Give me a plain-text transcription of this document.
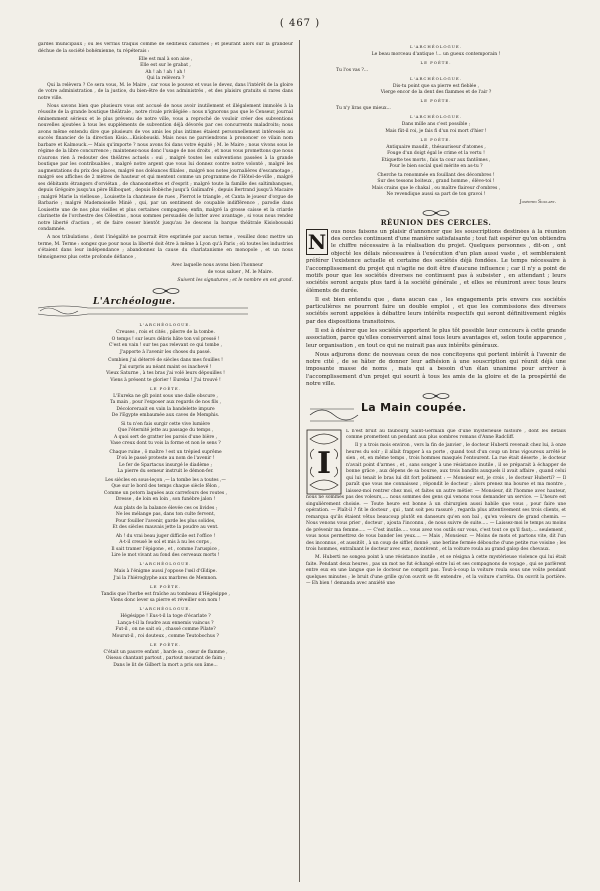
( 467 )

gardes municipaux ; ou les verrais traquis comme de séditieux caniches ; et pleurant alors sur la grandeur déchue de la société bohémienne, tu répéterais :

Elle est mal à son aise ,
Elle est sur le grabat ,
Ah ! ah ! ah ! ah !
Qui la relèvera ?

Qui la relèvera ? Ce sera vous, M. le Maire , car vous le pouvez et vous le devez, dans l'intérêt de la gloire de votre administration , de la justice, du bien-être de vos administrés , et des plaisirs gratuits si rares dans notre ville.

Nous savons bien que plusieurs vous ont accusé de nous avoir inutilement et illégalement immolés à la réussite de la grande boutique théâtrale , notre rivale privilégiée : nous n'ignorons pas que le Censeur, journal éminemment sérieux et le plus prévenu de notre ville, vous a reproché de vouloir créer des subventions nouvelles ajoutées à tous les suppléments de subvention déjà dévorés par ces concurrents maladroits; nous avons même entendu dire que plusieurs de vos amis les plus intimes étaient personnellement intéressés au succès financier de la direction Kisio....Kisiobouski. Mais nous ne parviendrons à prononcer ce vilain nom barbare et Kalmouck.— Mais qu'importe ? nous avons foi dans votre équité ; M. le Maire ; nous vivons sous le régime de la libre concurrence ; maintenez-nous donc l'usage de nos droits , et nous vous promettons que nous n'aurons rien à redouter des théâtres actuels : oui , malgré toutes les subventions passées à la grande boutique par les contribuables , malgré notre argent que vous lui donnez contre notre volonté , malgré les augmentations du prix des places, malgré nos doléances filiales , malgré nos notes journalières d'escamotage , malgré ses affiches de 2 mètres de hauteur et qui mentent comme un programme de l'Hôtel-de-ville , malgré ses débitants étrangers d'orviétan , de chansonnettes et d'esprit ; malgré toute la famille des saltimbanques, depuis Grégoire jusqu'au père Bilboquet , depuis Bobèche jusqu'à Galimafré , depuis Bertrand jusqu'à Macaire ; malgré Marie la vielleuse , Louisette la chanteuse de rues , Pierrot le triangle , et Canta le joueur d'orgue de Barbarie ; malgré Mademoiselle Miniè , qui, par un sentiment de coupable indifférence , parodie dans Louisette une de nos plus vieilles et plus certaines compagnes; enfin, malgré la grosse caisse et la criarde clarinette de l'orchestre des Célestins , nous sommes persuadés de lutter avec avantage , si vous nous rendez notre liberté d'action , et de faire cesser bientôt jusqu'au 3e descens la barque théâtrale Kisiobousaki condamnée.

A nos tribulations , dont l'inégalité ne pourrait être exprimée par aucun terme , veuillez donc mettre un terme, M. Terme : songez que pour nous la liberté doit être à même à Lyon qu'à Paris ; où toutes les industries s'étaient dans leur indépendance ; abandonnez la cause du charlatanisme en monopole , et un nous témoignerez plus cette profonde défiance ,

Avec laquelle nous avons bien l'honneur
de vous saluer , M. le Maire.
Suivent les signatures ; et le nombre en est grand.
L'Archéologue.
L'ARCHÉOLOGUE.
Creuses , rois et cités , pilerre de la tombe.
O temps ! sur leurs débris hâte ton vol pressé !
C'est en vain ! sur tes pas relevant ce qui tombe ,
J'apporte à l'avenir les choses du passé.
Combien j'ai déterré de siècles dans mes fouilles !
J'ai surpris au néant maint os inachevé !
Vieux Saturne , à tes bras j'ai volé leurs dépouilles !
Viens à présent te glorier ! Eureka ! J'ai trouvé !
LE POÈTE.
L'Eureka ne gît point sous une dalle obscure ,
Ta main , pour l'exposer aux regards de nos fils ,
Décoloreraait en vain la bandelette impure
De l'Egypte embaumée aux caves de Memphis.
Si tu n'en fais surgir cette vive lumière
Que l'éternité jette au passage du temps ,
A quoi sert de gratter les parois d'une bière ,
Vase creux dont tu vois la forme et non le sens ?
Chaque ruine , ô maître ! est un trépied suprême
D'où le passé proteste au nom de l'avenir !
Le fer de Spartacus insurgé le diadème ;
La pierre du semeur instruit le démon-fer.
Les siècles en sous-leçon ,— la tombe les a toutes ,—
Que sur le bord des temps chaque siècle fêlon ,
Comme un potorn laquées aux carrefours des routes ,
Dresse , de loin en loin , son funèbre jalon !
Aux plats de la balance élevée ces os livides ;
Ne les mélange pas, dans ton culte fervent,
Pour fouiller l'avenir, garde les plus solides,
Et des siècles mauvais jette la poudre au vent.
Ah ! du vrai beau juger difficile est l'office !
A-t-il creusé le sol et mis à nu les corps ,
Il sait tramer l'épigone , et , comme l'aruspice ,
Lire le mot vivant au fond des cerveaux morts !
L'ARCHÉOLOGUE.
Mais à l'énigme aussi j'oppose l'œil d'Œdipe.
J'ai la l'hiéroglyphe aux marbres de Memnon.
LE POÈTE.
Tandis que l'herbe est fraîche au tombeau d'Hégésippe ,
Viens donc lever sa pierre et réveiller son nom !
L'ARCHÉOLOGUE.
Hégésippe ! Eus-t-il la toge d'écarlate ?
Lança-t-il la foudre aux ennemis vaincus ?
Fut-il , on ne sait où , chassé comme Pilate?
Mourut-il , roi douteux , comme Teutobochus ?
LE POÈTE.
C'était un pauvre enfant , barde sa , cœur de flamme ,
Oiseau chantant partout , partout mourant de faim ;
Dans le lit de Gilbert la mort a pris son âme...
L'ARCHÉOLOGUE.
Le beau morceau d'antique !... un gueux contemporain !
LE POÈTE.
Tu l'os vas ?...
L'ARCHÉOLOGUE.
Dis-tu point que sa pierre est fieblée ,
Vierge encor de la dent des flammes et de l'air ?
LE POÈTE.
Tu n'y liras que mieux...
L'ARCHÉOLOGUE.
Dans mille ans c'est possible ;
Mais fût-il roi, je fais fi d'un roi mort d'hier !
LE POÈTE.
Antiquaire maudit , thésauriseur d'atomes ,
Fouge d'un doigt égal le crime et la vertu !
Etiquette tes morts , fais ta cour aux fantômes ,
Pour le bien social quel mérite en as-tu ?
Cherche ta renommée en fouillant des décombres !
Sur des tessons boiteux , grand homme , élève-toi !
Mais crains que le chakal , ou maître flaireur d'ombres ,
Ne revendique aussi sa part de ton gravoi !
Joséphin Soulary.
RÉUNION DES CERCLES.
N ous nous faisons un plaisir d'annoncer que les souscriptions destinées à la réunion des cercles continuent d'une manière satisfaisante ; tout fait espérer qu'on obtiendra le chiffre nécessaire à la réalisation du projet. Quelques personnes , dit-on , ont objecté les délais nécessaires à l'exécution d'un plan aussi vaste , et sembleraient préférer l'existence actuelle et certaine des sociétés déjà fondées. Le temps nécessaire à l'accomplissement du projet qui n'agite ne doit être d'aucune influence ; car il n'y a point de motifs pour que les sociétés diverses ne continuent pas à subsister , en attendant ; leurs sociétés seront acquis plus tard à la société générale , et elles se réuniront avec tous leurs éléments de durée.

Il est bien entendu que , dans aucun cas , les engagements pris envers ces sociétés particulières ne pourront faire un double emploi , et que les commissions des diverses sociétés seront appelées à débattre leurs intérêts respectifs qui seront définitivement réglés par des dispositions transitoires.

Il est à désirer que les sociétés apportent le plus tôt possible leur concours à cette grande association, parce qu'elles conserveront ainsi tous leurs avantages et, selon toute apparence , leur organisation , en tout ce qui ne nuirait pas aux intérêts généraux.

Nous adjurons donc de nouveau ceux de nos concitoyens qui portent intérêt à l'avenir de notre cité , de se hâter de donner leur adhésion à une souscription qui réunit déjà une imposante masse de noms , mais qui a besoin d'un élan unanime pour arriver à l'accomplissement d'un projet qui sourit à tous les amis de la gloire et de la prospérité de notre ville.

La Main coupée.
I

L n'est bruit au faubourg Saint-Germain que d'une mystérieuse histoire , dont les détails comme promettent un pendant aux plus sombres romans d'Anne Radcliff.

Il y a trois mois environ , vers la fin de janvier , le docteur Huberti revenait chez lui, à onze heures du soir ; il allait frapper à sa porte , quand tout d'un coup un bras vigoureux arrêté le sien , et, en même temps , trois hommes masqués l'entourent. La rue était déserte , le docteur n'avait point d'armes , et , sans songer à une résistance inutile , il se préparait à échapper de bonne grâce , aux dépens de sa bourse, aux trois bandits auxquels il avait affaire , quand celui qui lui tenait le bras lui dit fort poliment : — Monsieur est, je crois , le docteur Huberti? — Il paraît que vous me connaissez , répondit le docteur ; alors prenez ma bourse et ma montre , laissez-moi rentrer chez moi, et faites un autre métier. — Monsieur, dit l'homme avec hauteur, nous ne sommes pas des voleurs,.... nous sommes des gens qui venons vous demander un service. — L'heure est singulièrement choisie. — Toute heure est bonne à un chirurgien aussi habile que vous , pour faire une opération. — Plaît-il ? fit le docteur , qui , tant soit peu rassuré , regarda plus attentivement ses trois clients, et remarqua qu'ils étaient vêtus beaucoup plutôt en danseurs qu'en son bal , qu'en voleurs de grand chemin. — Nous venons vous prier , docteur , ajouta l'inconnu , de nous suivre de suite..... — Laissez-moi le temps au moins de prévenir ma femme..... — C'est inutile..... vous avez vos outils sur vous, c'est tout ce qu'il faut;.... seulement , vous nous permettrez de vous bander les yeux.... — Mais , Monsieur. — Moins de mots et partons vite, dit l'un des inconnus , et aussitôt , à un coup de sifflet donné , une berline fermée débouche d'une petite rue voisine ; les trois hommes, entraînant le docteur avec eux , montèrent , et la voiture roula au grand galop des chevaux.

M. Huberti ne songea point à une résistance inutile , et se résigna à cette mystérieuse violence qui lui était faite. Pendant deux heures , pas un mot ne fut échangé entre lui et ses compagnons de voyage , qui se parlèrent entre eux en une langue que le docteur ne comprit pas. Tout-à-coup la voiture roula sous une voûte pendant quelques minutes ; le bruit d'une grille qu'on ouvrit se fit entendre , et la voiture s'arrêta. On ouvrit la portière. — Eh bien ! demanda avec anxiété une
